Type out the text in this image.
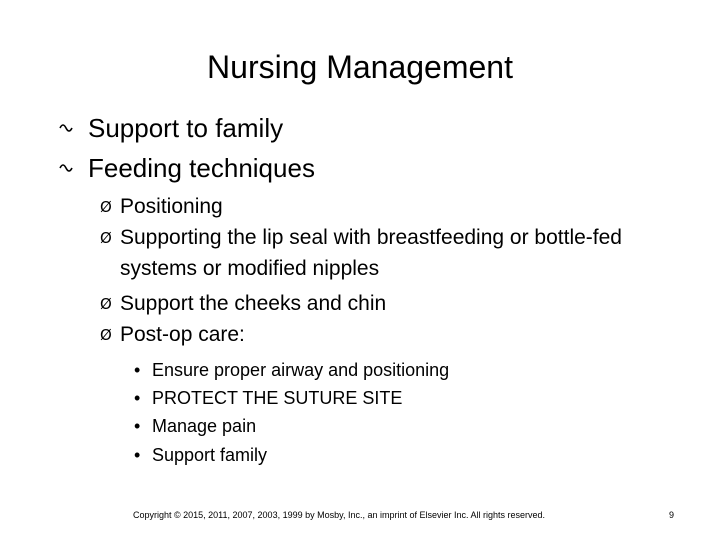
Nursing Management
Support to family
Feeding techniques
Ø Positioning
Ø Supporting the lip seal with breastfeeding or bottle-fed systems or modified nipples
Ø Support the cheeks and chin
Ø Post-op care:
• Ensure proper airway and positioning
• PROTECT THE SUTURE SITE
• Manage pain
• Support family
Copyright © 2015, 2011, 2007, 2003, 1999 by Mosby, Inc., an imprint of Elsevier Inc. All rights reserved.	9
